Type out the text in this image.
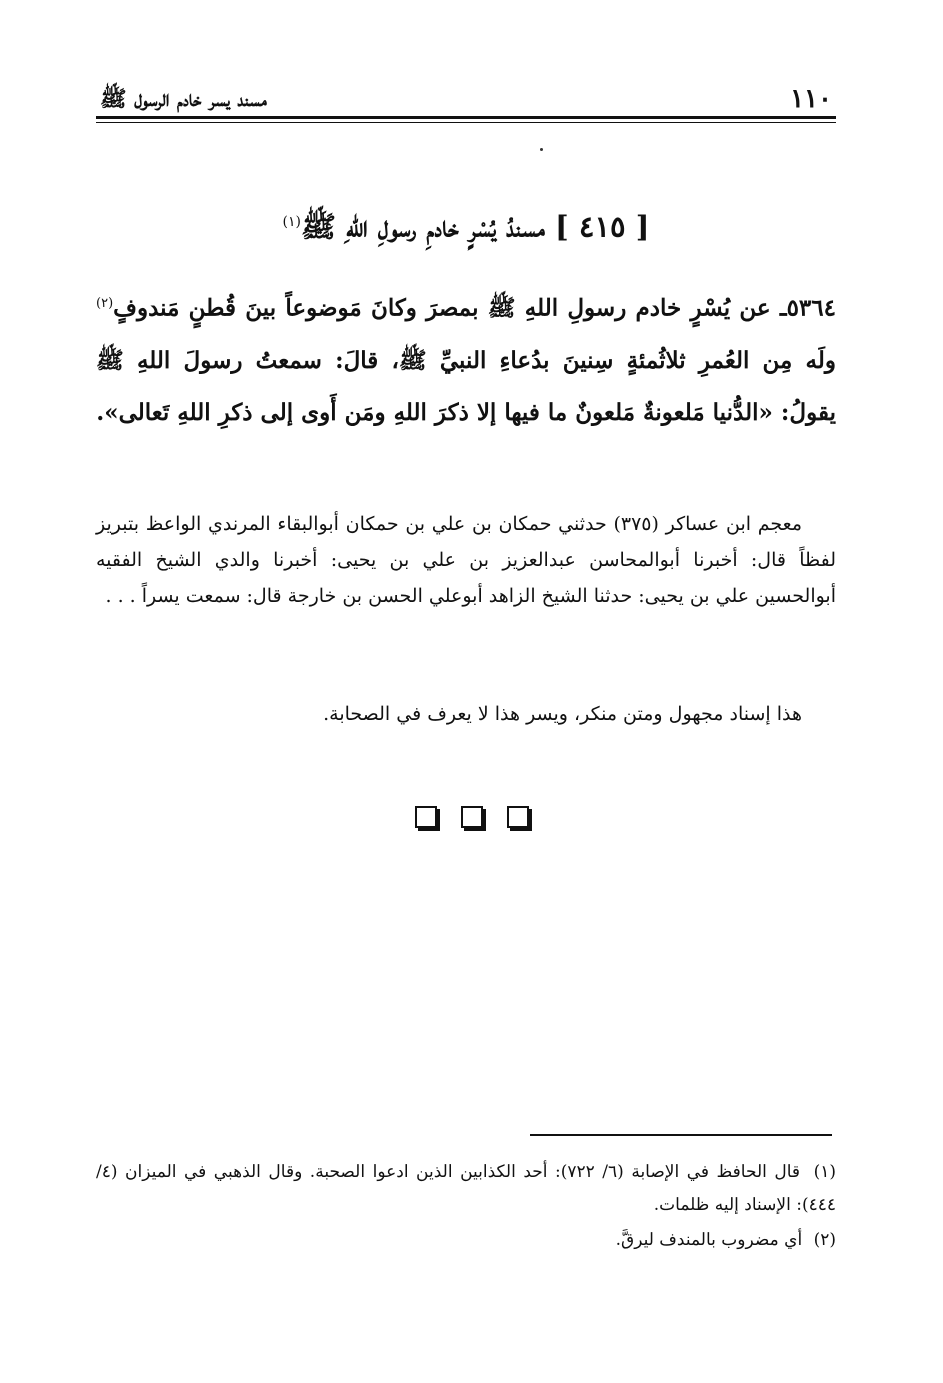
١١٠
مسند يسر خادم الرسول ﷺ
[ ٤١٥ ] مسندُ يُسْرٍ خادمِ رسولِ اللهِ ﷺ$^{(١)}$
٥٣٦٤ـ عن يُسْرٍ خادم رسولِ اللهِ ﷺ بمصرَ وكانَ مَوضوعاً بينَ قُطنٍ مَندوفٍ$^{(٢)}$ ولَه مِن العُمرِ ثلاثُمئةٍ سِنينَ بدُعاءِ النبيِّ ﷺ، قالَ: سمعتُ رسولَ اللهِ ﷺ يقولُ: «الدُّنيا مَلعونةٌ مَلعونٌ ما فيها إلا ذكرَ اللهِ ومَن أَوى إلى ذكرِ اللهِ تَعالى».
معجم ابن عساكر (٣٧٥) حدثني حمكان بن علي بن حمكان أبوالبقاء المرندي الواعظ بتبريز لفظاً قال: أخبرنا أبوالمحاسن عبدالعزيز بن علي بن يحيى: أخبرنا والدي الشيخ الفقيه أبوالحسين علي بن يحيى: حدثنا الشيخ الزاهد أبوعلي الحسن بن خارجة قال: سمعت يسراً . . .
هذا إسناد مجهول ومتن منكر، ويسر هذا لا يعرف في الصحابة.

(١) قال الحافظ في الإصابة (٦/ ٧٢٢): أحد الكذابين الذين ادعوا الصحبة. وقال الذهبي في الميزان (٤/ ٤٤٤): الإسناد إليه ظلمات.

(٢) أي مضروب بالمندف ليرقَّ.
